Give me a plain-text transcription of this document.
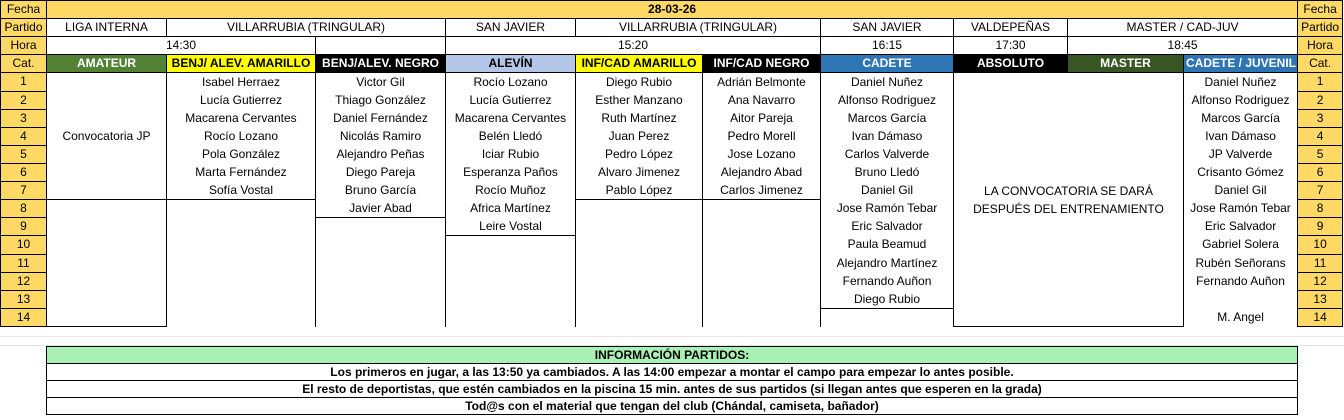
Fecha	28-03-26										Fecha
Partido	LIGA INTERNA	VILLARRUBIA (TRINGULAR)		SAN JAVIER	VILLARRUBIA (TRINGULAR)		SAN JAVIER	VALDEPEÑAS	MASTER / CAD-JUV		Partido
Hora	14:30			15:20			16:15	17:30	18:45		Hora
Cat.	AMATEUR	BENJ/ ALEV. AMARILLO	BENJ/ALEV. NEGRO	ALEVÍN	INF/CAD AMARILLO	INF/CAD NEGRO	CADETE	ABSOLUTO	MASTER	CADETE / JUVENIL	Cat.
1	Convocatoria JP	Isabel Herraez	Victor Gil	Rocío Lozano	Diego Rubio	Adrián Belmonte	Daniel Nuñez	LA CONVOCATORIA SE DARÁ DESPUÉS DEL ENTRENAMIENTO		Daniel Nuñez	1
2		Lucía Gutierrez	Thiago González	Lucía Gutierrez	Esther Manzano	Ana Navarro	Alfonso Rodriguez			Alfonso Rodriguez	2
3		Macarena Cervantes	Daniel Fernández	Macarena Cervantes	Ruth Martínez	Aitor Pareja	Marcos García			Marcos García	3
4		Rocío Lozano	Nicolás Ramiro	Belén Lledó	Juan Perez	Pedro Morell	Ivan Dámaso			Ivan Dámaso	4
5		Pola González	Alejandro Peñas	Iciar Rubio	Pedro López	Jose Lozano	Carlos Valverde			JP Valverde	5
6		Marta Fernández	Diego Pareja	Esperanza Paños	Alvaro Jimenez	Alejandro Abad	Bruno Lledó			Crisanto Gómez	6
7		Sofía Vostal	Bruno García	Rocío Muñoz	Pablo López	Carlos Jimenez	Daniel Gil			Daniel Gil	7
8			Javier Abad	Africa Martínez			Jose Ramón Tebar			Jose Ramón Tebar	8
9				Leire Vostal			Eric Salvador			Eric Salvador	9
10							Paula Beamud			Gabriel Solera	10
11							Alejandro Martínez			Rubén Señorans	11
12							Fernando Auñon			Fernando Auñon	12
13							Diego Rubio				13
14										M. Angel	14
INFORMACIÓN PARTIDOS:
Los primeros en jugar, a las 13:50 ya cambiados. A las 14:00 empezar a montar el campo para empezar lo antes posible.
El resto de deportistas, que estén cambiados en la piscina 15 min. antes de sus partidos (si llegan antes que esperen en la grada)
Tod@s con el material que tengan del club (Chándal, camiseta, bañador)
